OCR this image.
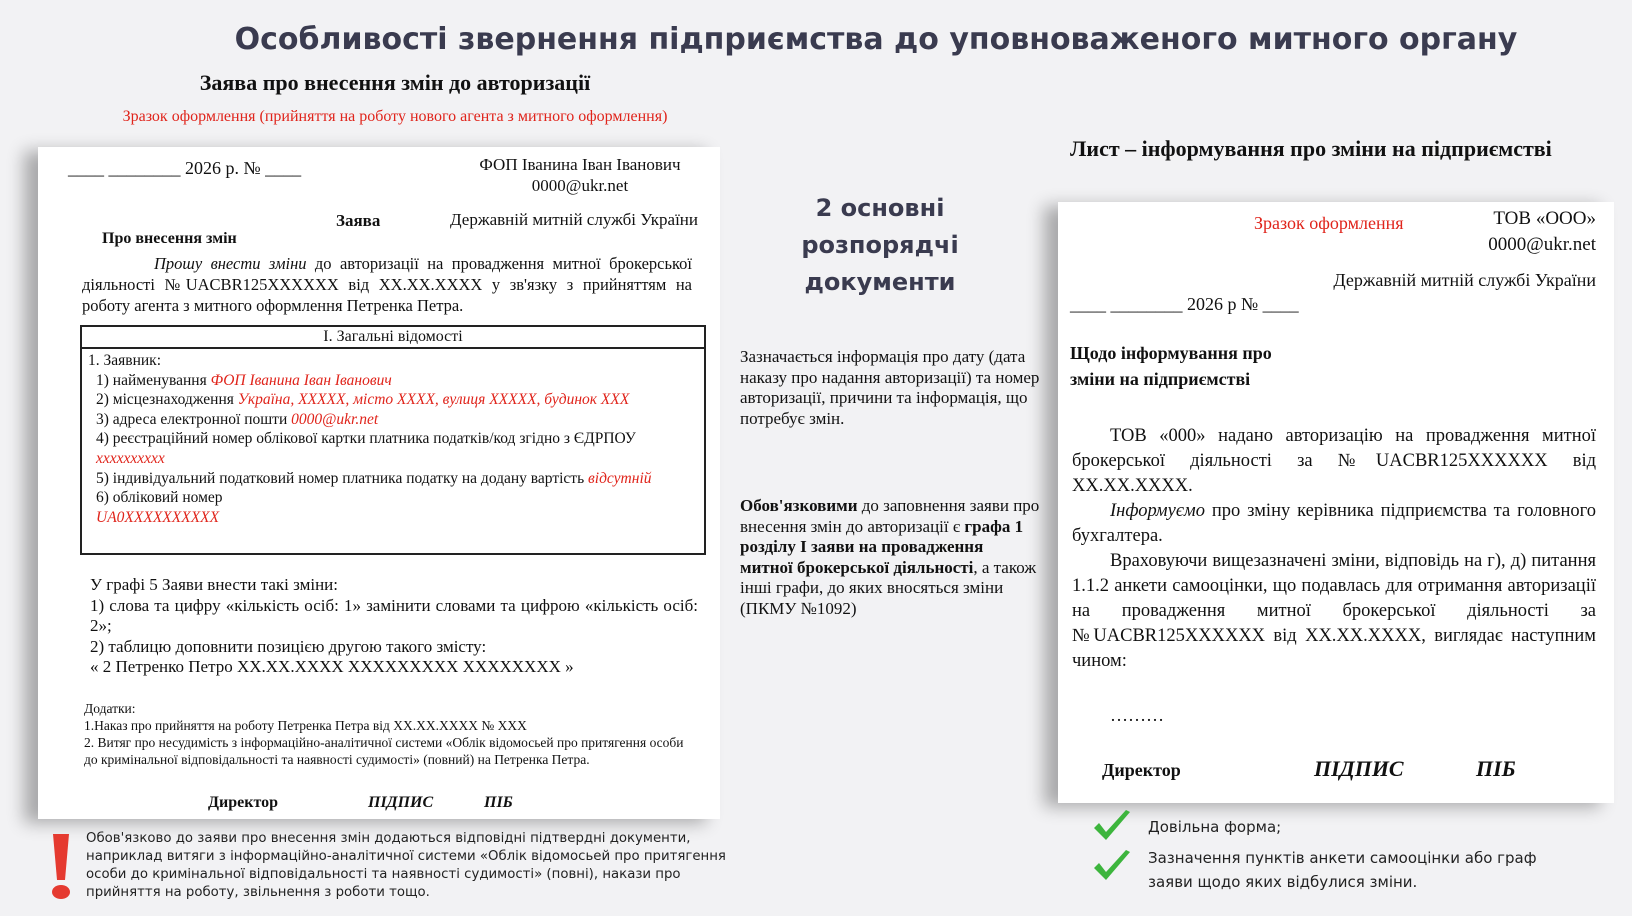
Особливості звернення підприємства до уповноваженого митного органу
Заява про внесення змін до авторизації
Зразок оформлення (прийняття на роботу нового агента з митного оформлення)
____ ________ 2026 р. № ____	ФОП Іванина Іван Іванович
0000@ukr.net
Заява	Державній митній службі України
Про внесення змін
Прошу внести зміни до авторизації на провадження митної брокерської діяльності №UACBR125XXXXXX від XX.XX.XXXX у зв'язку з прийняттям на роботу агента з митного оформлення Петренка Петра.
І. Загальні відомості
1. Заявник:
1) найменування ФОП Іванина Іван Іванович
2) місцезнаходження Україна, ХХХХХ, місто ХХХХ, вулиця ХХХХХ, будинок ХХХ
3) адреса електронної пошти 0000@ukr.net
4) реєстраційний номер облікової картки платника податків/код згідно з ЄДРПОУ
xxxxxxxxxx
5) індивідуальний податковий номер платника податку на додану вартість відсутній
6) обліковий номер
UA0XXXXXXXXXX
У графі 5 Заяви внести такі зміни:
1) слова та цифру «кількість осіб: 1» замінити словами та цифрою «кількість осіб: 2»;
2) таблицю доповнити позицією другою такого змісту:
« 2 Петренко Петро XX.XX.XXXX XXXXXXXXX XXXXXXXX »
Додатки:
1.Наказ про прийняття на роботу Петренка Петра від XX.XX.XXXX № XXX
2. Витяг про несудимість з інформаційно-аналітичної системи «Облік відомосьей про притягення особи до кримінальної відповідальності та наявності судимості» (повний) на Петренка Петра.
Директор	ПІДПИС	ПІБ
Обов'язково до заяви про внесення змін додаються відповідні підтвердні документи, наприклад витяги з інформаційно-аналітичної системи «Облік відомосьей про притягення особи до кримінальної відповідальності та наявності судимості» (повні), накази про прийняття на роботу, звільнення з роботи тощо.
2 основні
розпорядчі документи
Зазначається інформація про дату (дата наказу про надання авторизації) та номер авторизації, причини та інформація, що потребує змін.
Обов'язковими до заповнення заяви про внесення змін до авторизації є графа 1 розділу I заяви на провадження митної брокерської діяльності, а також інші графи, до яких вносяться зміни (ПКМУ №1092)
Лист – інформування про зміни на підприємстві
Зразок оформлення	ТОВ «ООО»
0000@ukr.net
Державній митній службі України
____ ________ 2026 р № ____
Щодо інформування про
зміни на підприємстві

ТОВ «000» надано авторизацію на провадження митної брокерської діяльності за №UACBR125XXXXXX від XX.XX.XXXX.

Інформуємо про зміну керівника підприємства та головного бухгалтера.

Враховуючи вищезазначені зміни, відповідь на г), д) питання 1.1.2 анкети самооцінки, що подавлась для отримання авторизації на провадження митної брокерської діяльності за №UACBR125XXXXXX від XX.XX.XXXX, виглядає наступним чином:

………
Директор	ПІДПИС	ПІБ
Довільна форма;
Зазначення пунктів анкети самооцінки або граф
заяви щодо яких відбулися зміни.
